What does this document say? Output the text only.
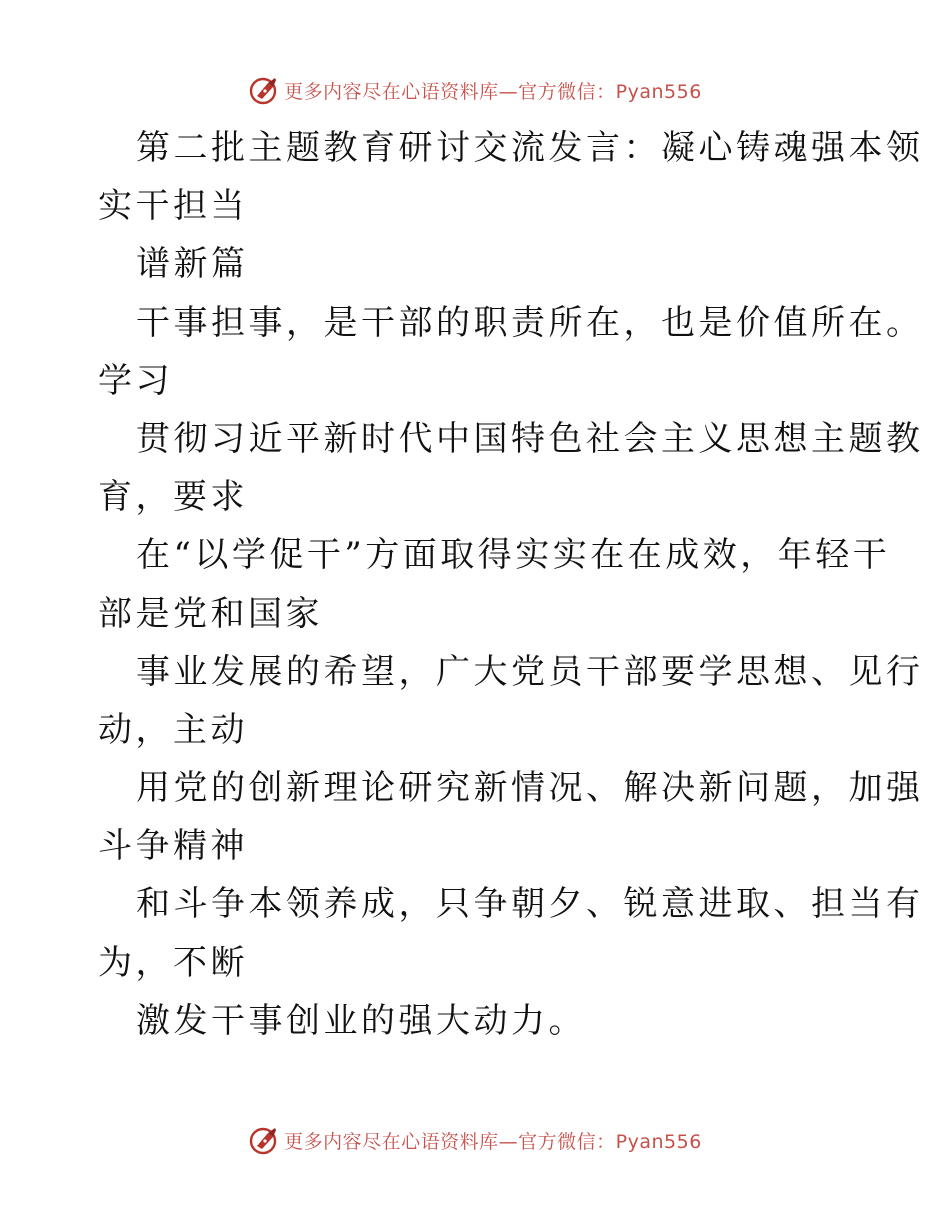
更多内容尽在心语资料库—官方微信：Pyan556
第二批主题教育研讨交流发言：凝心铸魂强本领
实干担当
谱新篇
干事担事，是干部的职责所在，也是价值所在。
学习
贯彻习近平新时代中国特色社会主义思想主题教
育，要求
在“以学促干”方面取得实实在在成效，年轻干
部是党和国家
事业发展的希望，广大党员干部要学思想、见行
动，主动
用党的创新理论研究新情况、解决新问题，加强
斗争精神
和斗争本领养成，只争朝夕、锐意进取、担当有
为，不断
激发干事创业的强大动力。
更多内容尽在心语资料库—官方微信：Pyan556
